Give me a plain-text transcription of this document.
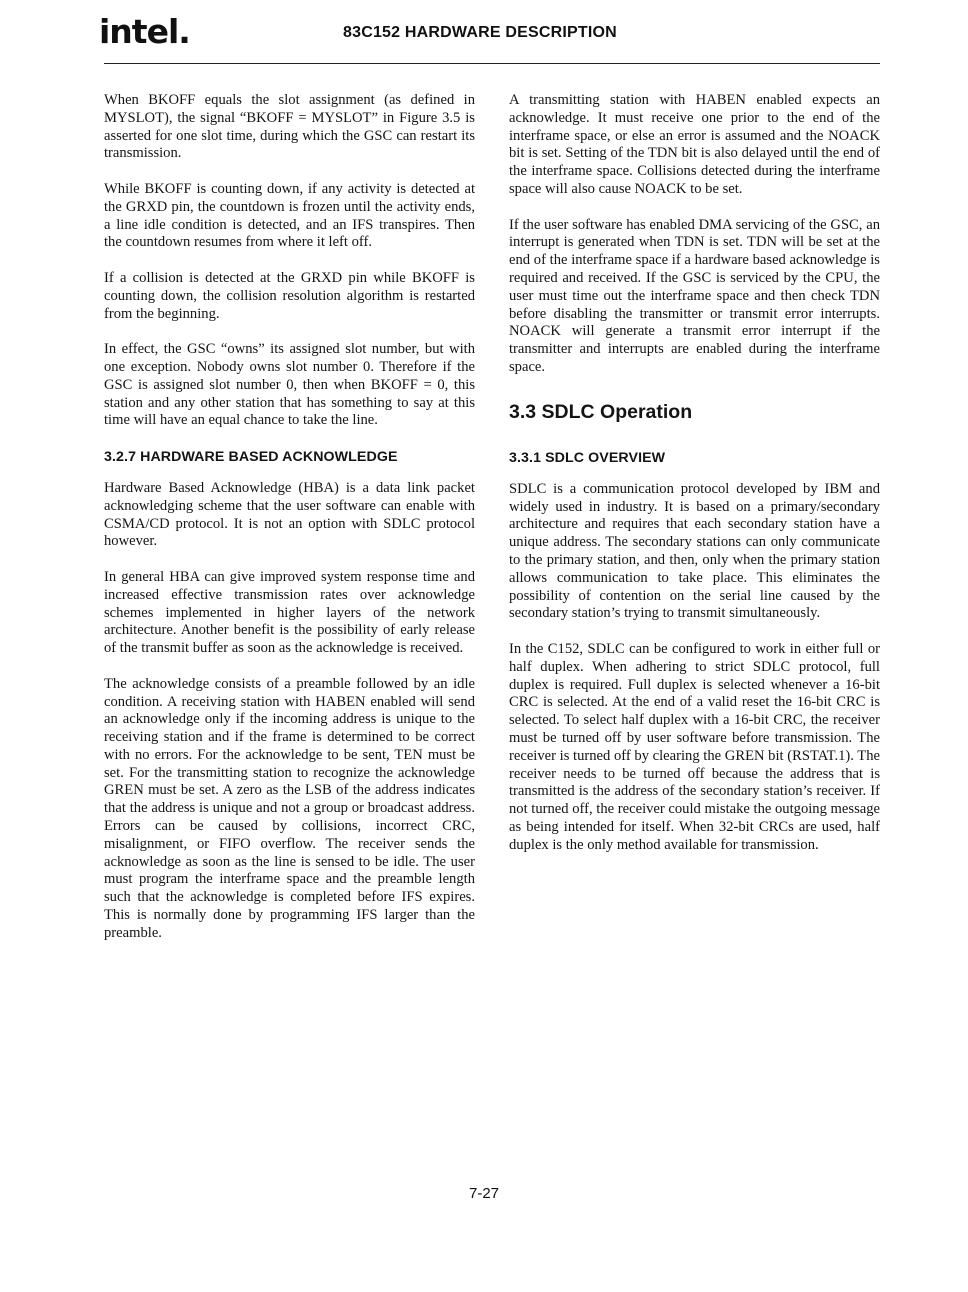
intel.	83C152 HARDWARE DESCRIPTION

When BKOFF equals the slot assignment (as defined in MYSLOT), the signal “BKOFF = MYSLOT” in Figure 3.5 is asserted for one slot time, during which the GSC can restart its transmission.

While BKOFF is counting down, if any activity is detected at the GRXD pin, the countdown is frozen until the activity ends, a line idle condition is detected, and an IFS transpires. Then the countdown resumes from where it left off.

If a collision is detected at the GRXD pin while BKOFF is counting down, the collision resolution algorithm is restarted from the beginning.

In effect, the GSC “owns” its assigned slot number, but with one exception. Nobody owns slot number 0. Therefore if the GSC is assigned slot number 0, then when BKOFF = 0, this station and any other station that has something to say at this time will have an equal chance to take the line.

3.2.7 HARDWARE BASED ACKNOWLEDGE

Hardware Based Acknowledge (HBA) is a data link packet acknowledging scheme that the user software can enable with CSMA/CD protocol. It is not an option with SDLC protocol however.

In general HBA can give improved system response time and increased effective transmission rates over acknowledge schemes implemented in higher layers of the network architecture. Another benefit is the possibility of early release of the transmit buffer as soon as the acknowledge is received.

The acknowledge consists of a preamble followed by an idle condition. A receiving station with HABEN enabled will send an acknowledge only if the incoming address is unique to the receiving station and if the frame is determined to be correct with no errors. For the acknowledge to be sent, TEN must be set. For the transmitting station to recognize the acknowledge GREN must be set. A zero as the LSB of the address indicates that the address is unique and not a group or broadcast address. Errors can be caused by collisions, incorrect CRC, misalignment, or FIFO overflow. The receiver sends the acknowledge as soon as the line is sensed to be idle. The user must program the interframe space and the preamble length such that the acknowledge is completed before IFS expires. This is normally done by programming IFS larger than the preamble.

A transmitting station with HABEN enabled expects an acknowledge. It must receive one prior to the end of the interframe space, or else an error is assumed and the NOACK bit is set. Setting of the TDN bit is also delayed until the end of the interframe space. Collisions detected during the interframe space will also cause NOACK to be set.

If the user software has enabled DMA servicing of the GSC, an interrupt is generated when TDN is set. TDN will be set at the end of the interframe space if a hardware based acknowledge is required and received. If the GSC is serviced by the CPU, the user must time out the interframe space and then check TDN before disabling the transmitter or transmit error interrupts. NOACK will generate a transmit error interrupt if the transmitter and interrupts are enabled during the interframe space.

3.3 SDLC Operation
3.3.1 SDLC OVERVIEW

SDLC is a communication protocol developed by IBM and widely used in industry. It is based on a primary/secondary architecture and requires that each secondary station have a unique address. The secondary stations can only communicate to the primary station, and then, only when the primary station allows communication to take place. This eliminates the possibility of contention on the serial line caused by the secondary station’s trying to transmit simultaneously.

In the C152, SDLC can be configured to work in either full or half duplex. When adhering to strict SDLC protocol, full duplex is required. Full duplex is selected whenever a 16-bit CRC is selected. At the end of a valid reset the 16-bit CRC is selected. To select half duplex with a 16-bit CRC, the receiver must be turned off by user software before transmission. The receiver is turned off by clearing the GREN bit (RSTAT.1). The receiver needs to be turned off because the address that is transmitted is the address of the secondary station’s receiver. If not turned off, the receiver could mistake the outgoing message as being intended for itself. When 32-bit CRCs are used, half duplex is the only method available for transmission.

7-27
